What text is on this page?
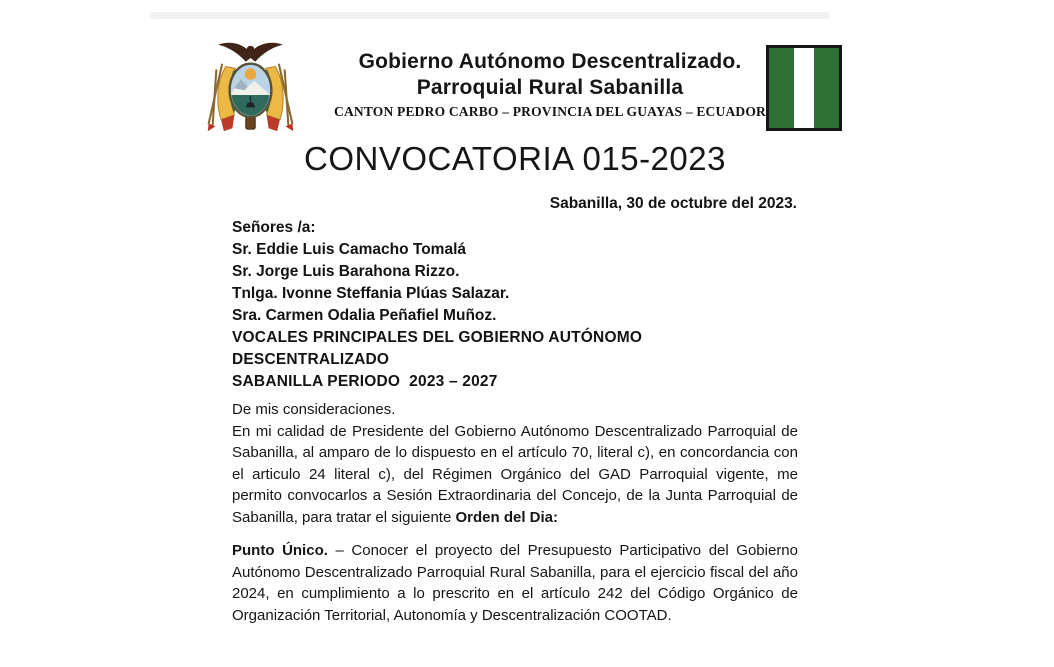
Gobierno Autónomo Descentralizado.
Parroquial Rural Sabanilla
CANTON PEDRO CARBO – PROVINCIA DEL GUAYAS – ECUADOR
CONVOCATORIA 015-2023
Sabanilla, 30 de octubre del 2023.
Señores /a:
Sr. Eddie Luis Camacho Tomalá
Sr. Jorge Luis Barahona Rizzo.
Tnlga. Ivonne Steffania Plúas Salazar.
Sra. Carmen Odalia Peñafiel Muñoz.
VOCALES PRINCIPALES DEL GOBIERNO AUTÓNOMO DESCENTRALIZADO
SABANILLA PERIODO  2023 – 2027

De mis consideraciones.

En mi calidad de Presidente del Gobierno Autónomo Descentralizado Parroquial de Sabanilla, al amparo de lo dispuesto en el artículo 70, literal c), en concordancia con el articulo 24 literal c), del Régimen Orgánico del GAD Parroquial vigente, me permito convocarlos a Sesión Extraordinaria del Concejo, de la Junta Parroquial de Sabanilla, para tratar el siguiente Orden del Dia:

Punto Único. – Conocer el proyecto del Presupuesto Participativo del Gobierno Autónomo Descentralizado Parroquial Rural Sabanilla, para el ejercicio fiscal del año 2024, en cumplimiento a lo prescrito en el artículo 242 del Código Orgánico de Organización Territorial, Autonomía y Descentralización COOTAD.
